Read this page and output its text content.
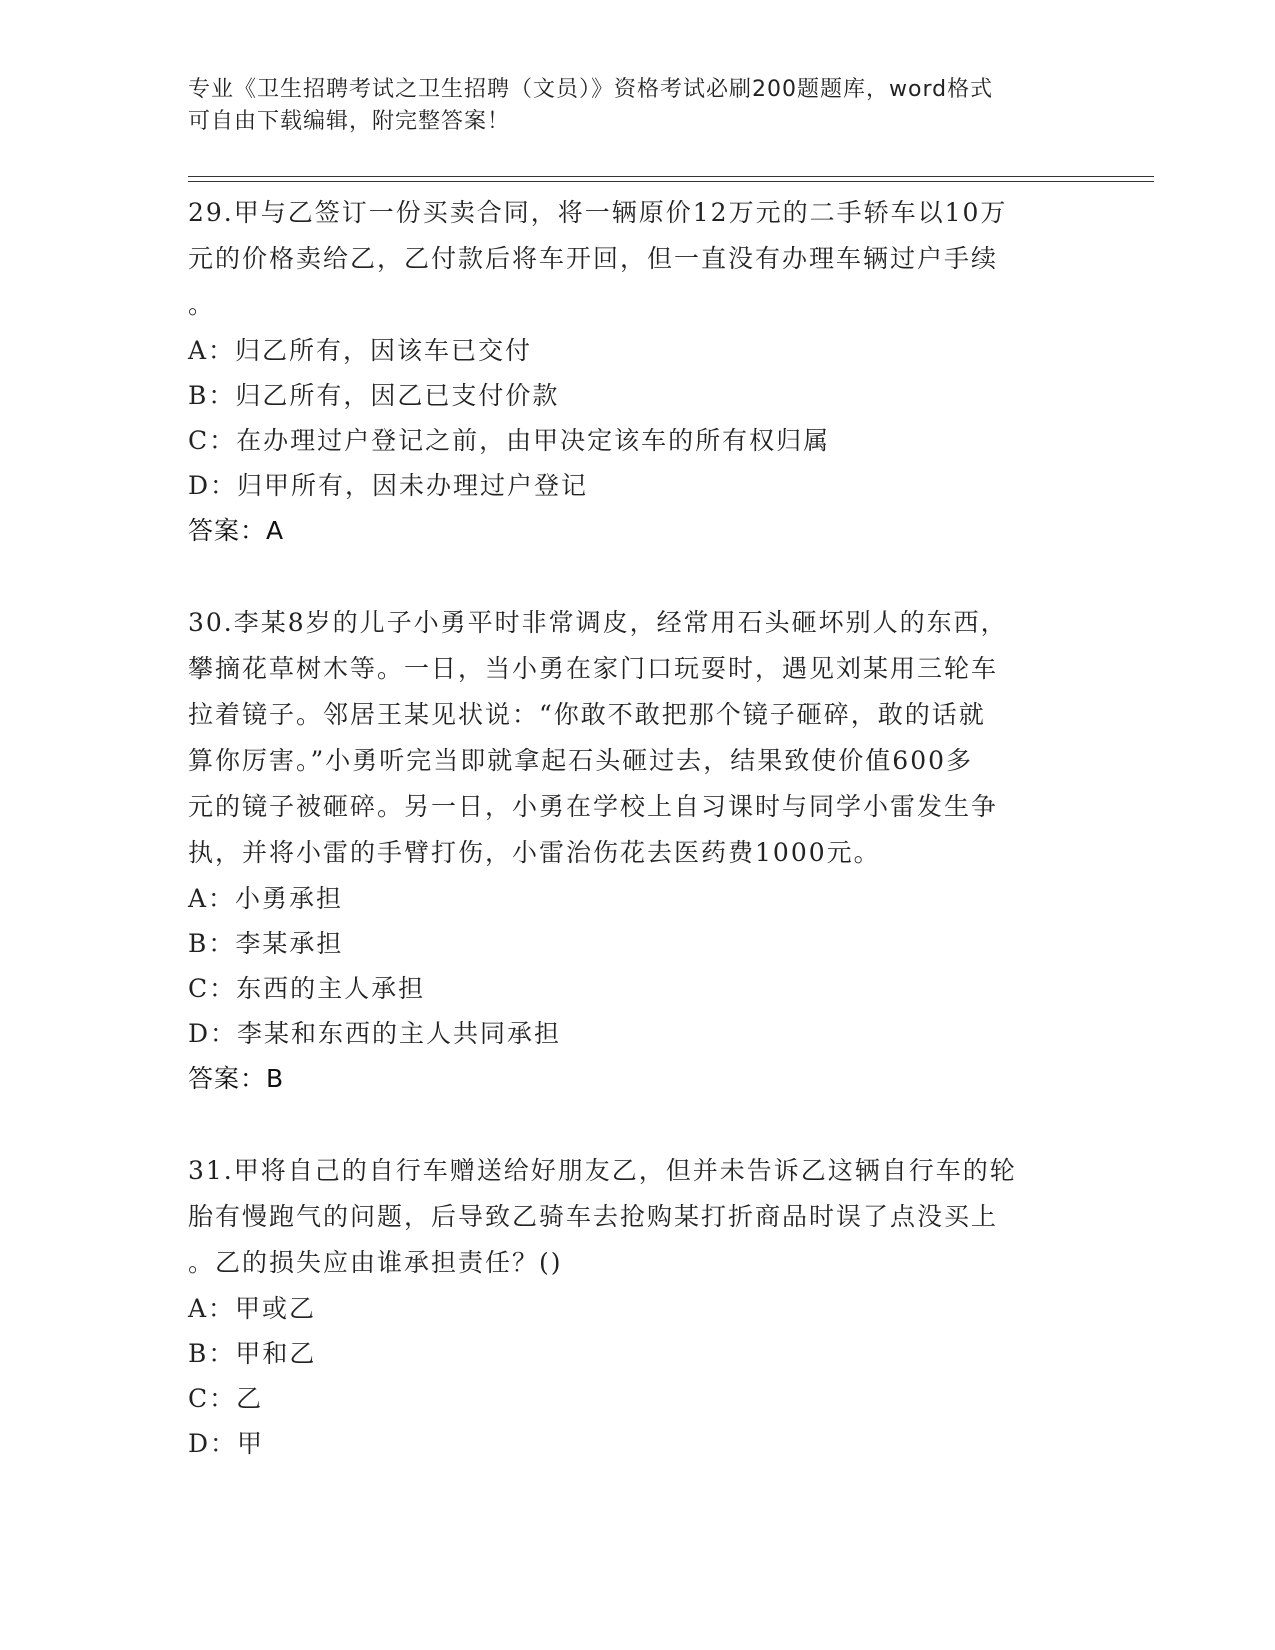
专业《卫生招聘考试之卫生招聘（文员）》资格考试必刷200题题库，word格式
可自由下载编辑，附完整答案！
29.甲与乙签订一份买卖合同，将一辆原价12万元的二手轿车以10万
元的价格卖给乙，乙付款后将车开回，但一直没有办理车辆过户手续
。
A：归乙所有，因该车已交付
B：归乙所有，因乙已支付价款
C：在办理过户登记之前，由甲决定该车的所有权归属
D：归甲所有，因未办理过户登记
答案：A
30.李某8岁的儿子小勇平时非常调皮，经常用石头砸坏别人的东西，
攀摘花草树木等。一日，当小勇在家门口玩耍时，遇见刘某用三轮车
拉着镜子。邻居王某见状说：“你敢不敢把那个镜子砸碎，敢的话就
算你厉害。”小勇听完当即就拿起石头砸过去，结果致使价值600多
元的镜子被砸碎。另一日，小勇在学校上自习课时与同学小雷发生争
执，并将小雷的手臂打伤，小雷治伤花去医药费1000元。
A：小勇承担
B：李某承担
C：东西的主人承担
D：李某和东西的主人共同承担
答案：B
31.甲将自己的自行车赠送给好朋友乙，但并未告诉乙这辆自行车的轮
胎有慢跑气的问题，后导致乙骑车去抢购某打折商品时误了点没买上
。乙的损失应由谁承担责任？()
A：甲或乙
B：甲和乙
C：乙
D：甲
